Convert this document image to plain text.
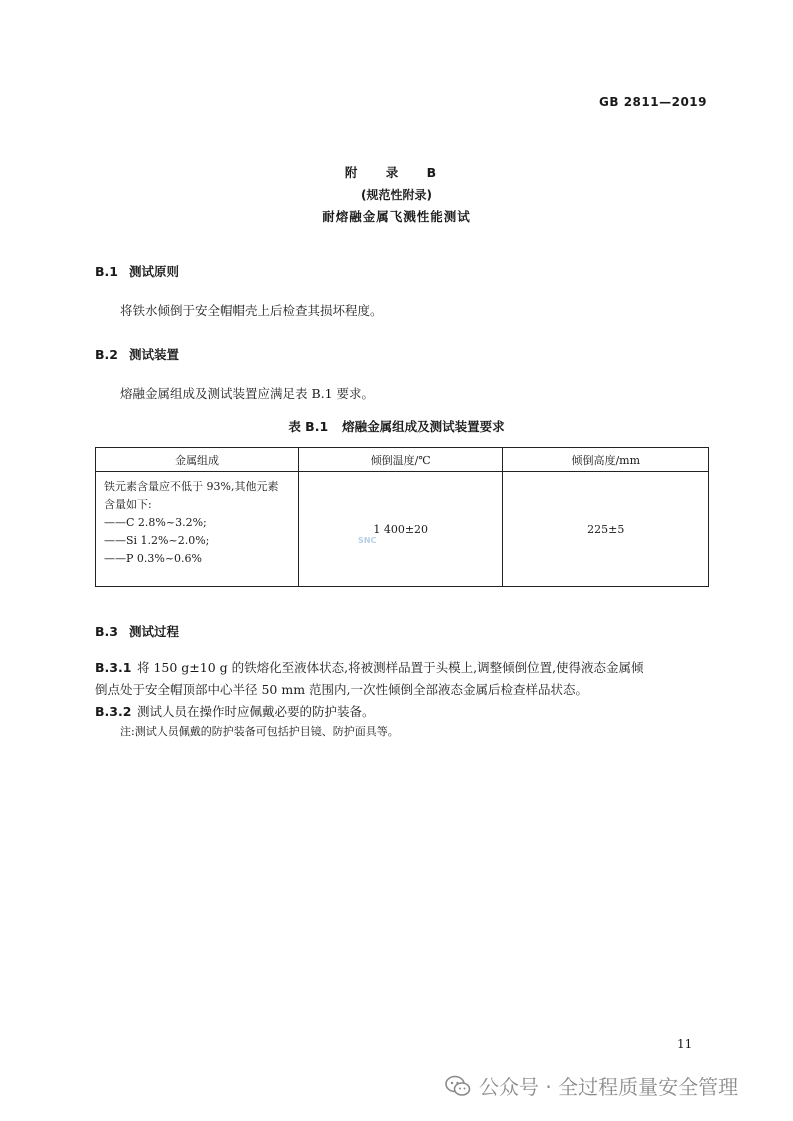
GB 2811—2019
附 录 B
(规范性附录)
耐熔融金属飞溅性能测试
B.1 测试原则
将铁水倾倒于安全帽帽壳上后检查其损坏程度。
B.2 测试装置
熔融金属组成及测试装置应满足表 B.1 要求。
表 B.1 熔融金属组成及测试装置要求
金属组成	倾倒温度/℃	倾倒高度/mm

铁元素含量应不低于 93%,其他元素
含量如下:
——C 2.8%~3.2%;
——Si 1.2%~2.0%;
——P 0.3%~0.6%	1 400±20	225±5
SNC
B.3 测试过程
B.3.1 将 150 g±10 g 的铁熔化至液体状态,将被测样品置于头模上,调整倾倒位置,使得液态金属倾
倒点处于安全帽顶部中心半径 50 mm 范围内,一次性倾倒全部液态金属后检查样品状态。
B.3.2 测试人员在操作时应佩戴必要的防护装备。
注:测试人员佩戴的防护装备可包括护目镜、防护面具等。
11
公众号 · 全过程质量安全管理
